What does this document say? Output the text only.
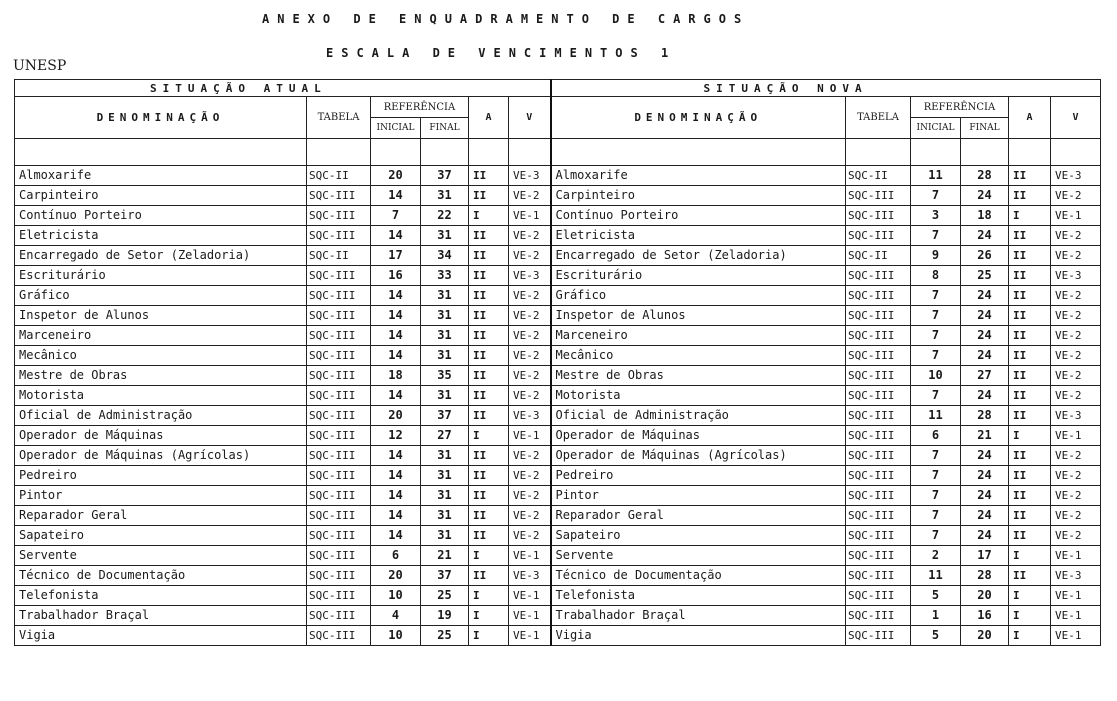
ANEXO DE ENQUADRAMENTO DE CARGOS
UNESP
ESCALA DE VENCIMENTOS 1
SITUAÇÃO ATUAL						SITUAÇÃO NOVA					
DENOMINAÇÃO	TABELA	REFERÊNCIA		A	V	DENOMINAÇÃO	TABELA	REFERÊNCIA		A	V
		INICIAL	FINAL					INICIAL	FINAL		

Almoxarife	SQC-II	20	37	II	VE-3	Almoxarife	SQC-II	11	28	II	VE-3
Carpinteiro	SQC-III	14	31	II	VE-2	Carpinteiro	SQC-III	7	24	II	VE-2
Contínuo Porteiro	SQC-III	7	22	I	VE-1	Contínuo Porteiro	SQC-III	3	18	I	VE-1
Eletricista	SQC-III	14	31	II	VE-2	Eletricista	SQC-III	7	24	II	VE-2
Encarregado de Setor (Zeladoria)	SQC-II	17	34	II	VE-2	Encarregado de Setor (Zeladoria)	SQC-II	9	26	II	VE-2
Escriturário	SQC-III	16	33	II	VE-3	Escriturário	SQC-III	8	25	II	VE-3
Gráfico	SQC-III	14	31	II	VE-2	Gráfico	SQC-III	7	24	II	VE-2
Inspetor de Alunos	SQC-III	14	31	II	VE-2	Inspetor de Alunos	SQC-III	7	24	II	VE-2
Marceneiro	SQC-III	14	31	II	VE-2	Marceneiro	SQC-III	7	24	II	VE-2
Mecânico	SQC-III	14	31	II	VE-2	Mecânico	SQC-III	7	24	II	VE-2
Mestre de Obras	SQC-III	18	35	II	VE-2	Mestre de Obras	SQC-III	10	27	II	VE-2
Motorista	SQC-III	14	31	II	VE-2	Motorista	SQC-III	7	24	II	VE-2
Oficial de Administração	SQC-III	20	37	II	VE-3	Oficial de Administração	SQC-III	11	28	II	VE-3
Operador de Máquinas	SQC-III	12	27	I	VE-1	Operador de Máquinas	SQC-III	6	21	I	VE-1
Operador de Máquinas (Agrícolas)	SQC-III	14	31	II	VE-2	Operador de Máquinas (Agrícolas)	SQC-III	7	24	II	VE-2
Pedreiro	SQC-III	14	31	II	VE-2	Pedreiro	SQC-III	7	24	II	VE-2
Pintor	SQC-III	14	31	II	VE-2	Pintor	SQC-III	7	24	II	VE-2
Reparador Geral	SQC-III	14	31	II	VE-2	Reparador Geral	SQC-III	7	24	II	VE-2
Sapateiro	SQC-III	14	31	II	VE-2	Sapateiro	SQC-III	7	24	II	VE-2
Servente	SQC-III	6	21	I	VE-1	Servente	SQC-III	2	17	I	VE-1
Técnico de Documentação	SQC-III	20	37	II	VE-3	Técnico de Documentação	SQC-III	11	28	II	VE-3
Telefonista	SQC-III	10	25	I	VE-1	Telefonista	SQC-III	5	20	I	VE-1
Trabalhador Braçal	SQC-III	4	19	I	VE-1	Trabalhador Braçal	SQC-III	1	16	I	VE-1
Vigia	SQC-III	10	25	I	VE-1	Vigia	SQC-III	5	20	I	VE-1
